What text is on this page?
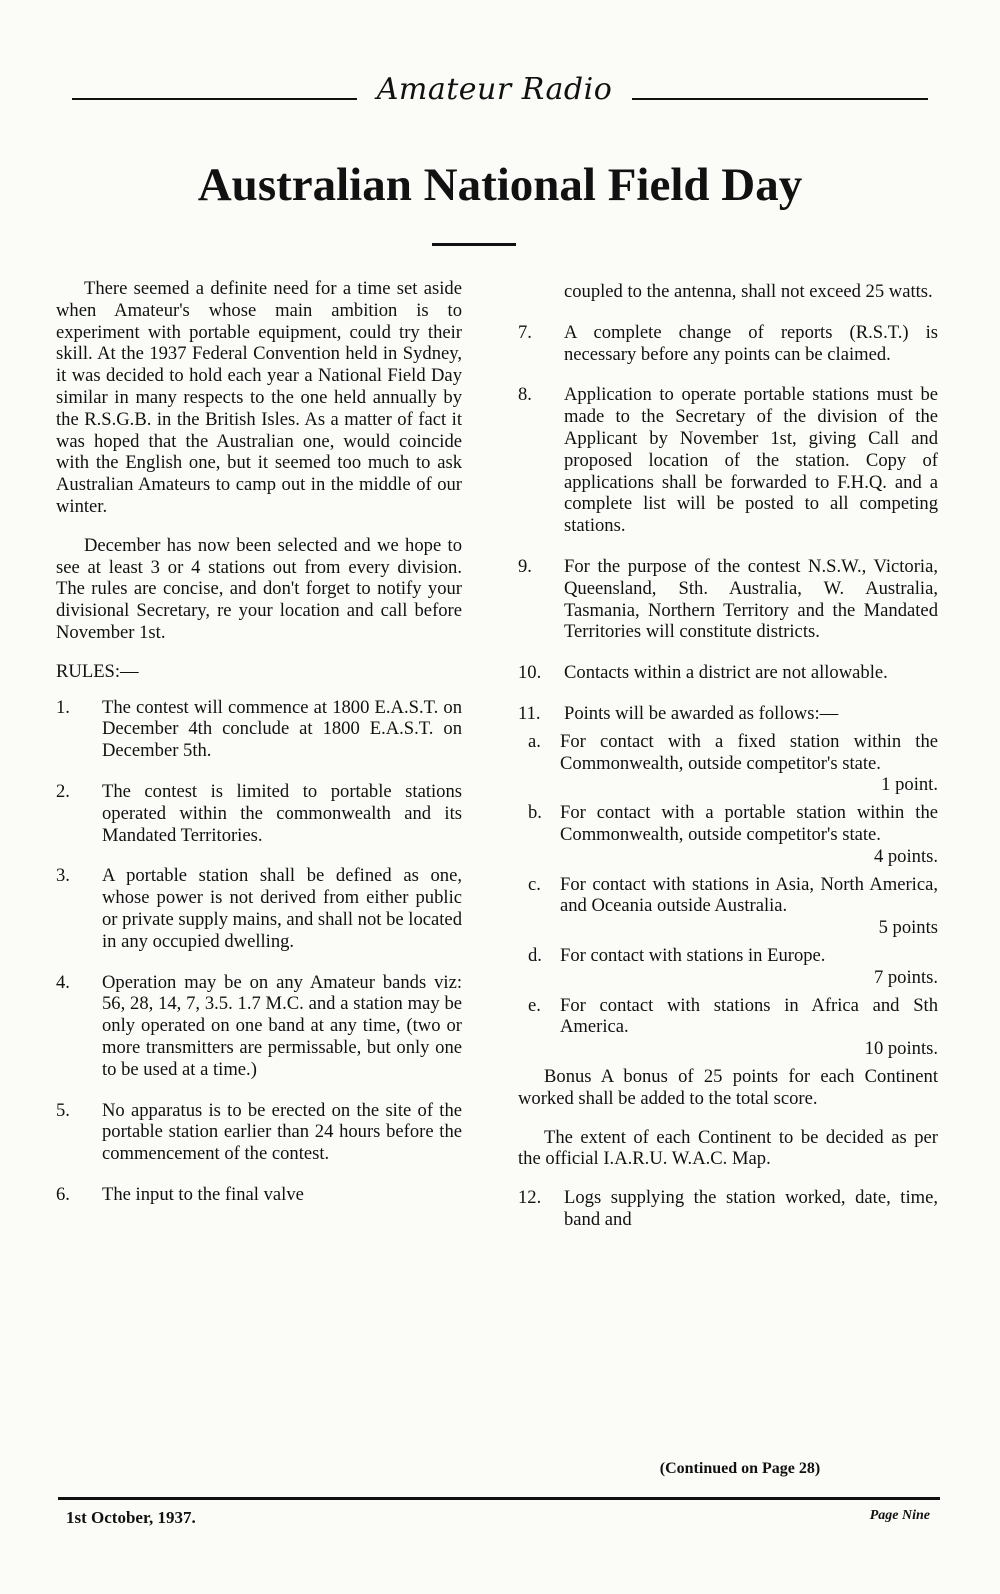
Amateur Radio
Australian National Field Day

There seemed a definite need for a time set aside when Amateur's whose main ambition is to experiment with portable equipment, could try their skill. At the 1937 Federal Convention held in Sydney, it was decided to hold each year a National Field Day similar in many respects to the one held annually by the R.S.G.B. in the British Isles. As a matter of fact it was hoped that the Australian one, would coincide with the English one, but it seemed too much to ask Australian Amateurs to camp out in the middle of our winter.

December has now been selected and we hope to see at least 3 or 4 stations out from every division. The rules are concise, and don't forget to notify your divisional Secretary, re your location and call before November 1st.

RULES:—

1.	The contest will commence at 1800 E.A.S.T. on December 4th conclude at 1800 E.A.S.T. on December 5th.
2.	The contest is limited to portable stations operated within the commonwealth and its Mandated Territories.
3.	A portable station shall be defined as one, whose power is not derived from either public or private supply mains, and shall not be located in any occupied dwelling.
4.	Operation may be on any Amateur bands viz: 56, 28, 14, 7, 3.5. 1.7 M.C. and a station may be only operated on one band at any time, (two or more transmitters are permissable, but only one to be used at a time.)
5.	No apparatus is to be erected on the site of the portable station earlier than 24 hours before the commencement of the contest.
6.	The input to the final valve
coupled to the antenna, shall not exceed 25 watts.
7.	A complete change of reports (R.S.T.) is necessary before any points can be claimed.
8.	Application to operate portable stations must be made to the Secretary of the division of the Applicant by November 1st, giving Call and proposed location of the station. Copy of applications shall be forwarded to F.H.Q. and a complete list will be posted to all competing stations.
9.	For the purpose of the contest N.S.W., Victoria, Queensland, Sth. Australia, W. Australia, Tasmania, Northern Territory and the Mandated Territories will constitute districts.
10.	Contacts within a district are not allowable.
11.	Points will be awarded as follows:—
a. For contact with a fixed station within the Commonwealth, outside competitor's state.
1 point.
b. For contact with a portable station within the Commonwealth, outside competitor's state.
4 points.
c. For contact with stations in Asia, North America, and Oceania outside Australia.
5 points
d. For contact with stations in Europe.
7 points.
e. For contact with stations in Africa and Sth America.
10 points.

Bonus A bonus of 25 points for each Continent worked shall be added to the total score.

The extent of each Continent to be decided as per the official I.A.R.U. W.A.C. Map.

12.	Logs supplying the station worked, date, time, band and
(Continued on Page 28)
1st October, 1937.	Page Nine
